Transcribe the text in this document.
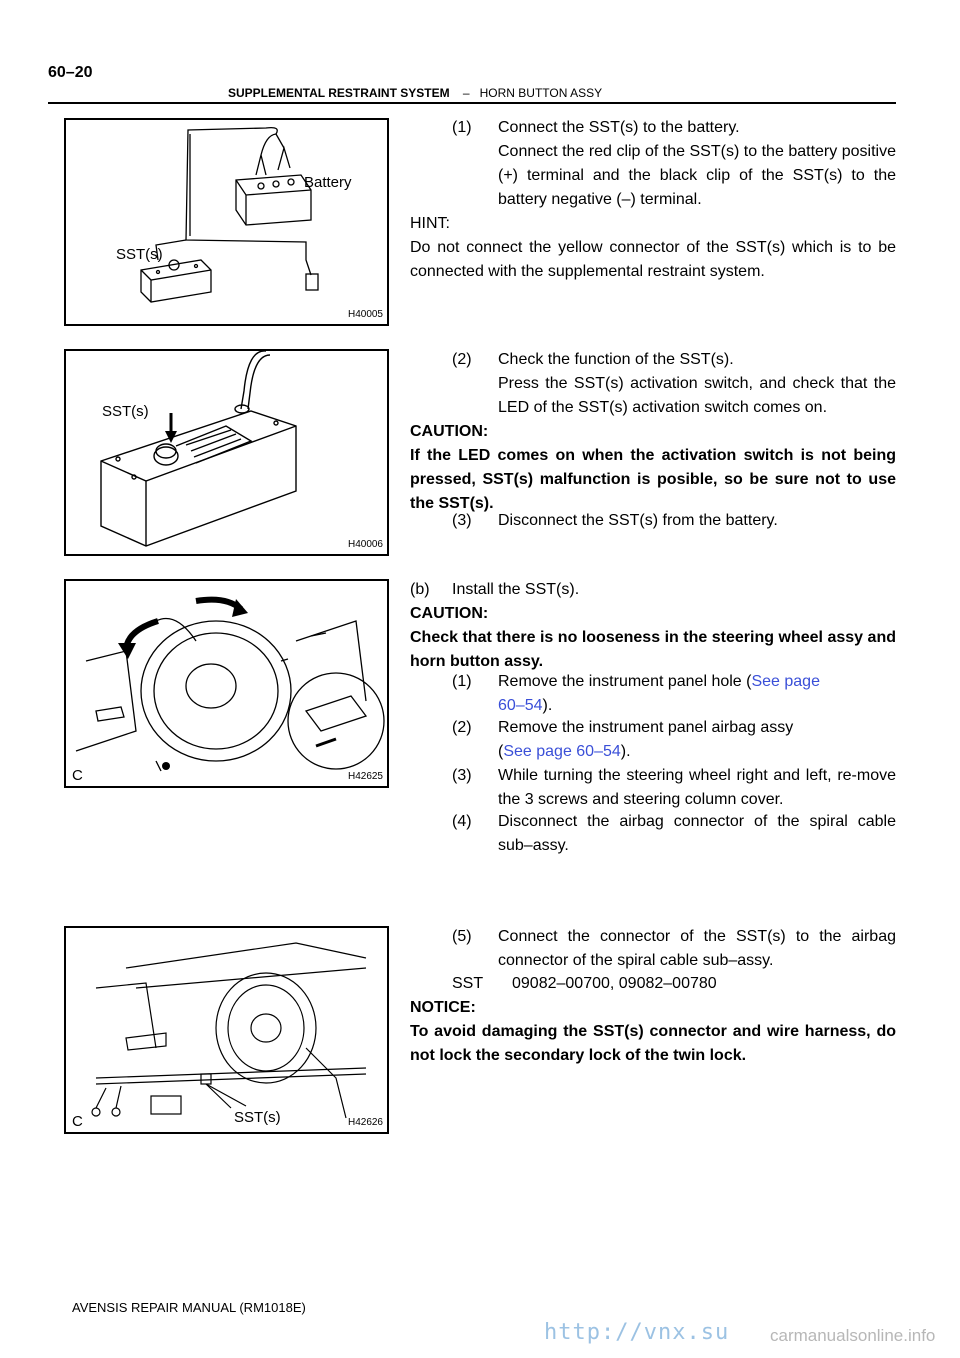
60–20
SUPPLEMENTAL RESTRAINT SYSTEM – HORN BUTTON ASSY
Battery
SST(s)
H40005
SST(s)
H40006
C	H42625
C	SST(s)	H42626
(1) Connect the SST(s) to the battery.
Connect the red clip of the SST(s) to the battery positive (+) terminal and the black clip of the SST(s) to the battery negative (–) terminal.
HINT:
Do not connect the yellow connector of the SST(s) which is to be connected with the supplemental restraint system.
(2) Check the function of the SST(s).
Press the SST(s) activation switch, and check that the LED of the SST(s) activation switch comes on.
CAUTION:
If the LED comes on when the activation switch is not being pressed, SST(s) malfunction is posible, so be sure not to use the SST(s).
(3) Disconnect the SST(s) from the battery.
(b) Install the SST(s).
CAUTION:
Check that there is no looseness in the steering wheel assy and horn button assy.
(1) Remove the instrument panel hole (See page
60–54).
(2) Remove the instrument panel airbag assy
(See page 60–54).
(3) While turning the steering wheel right and left, re-move the 3 screws and steering column cover.
(4) Disconnect the airbag connector of the spiral cable sub–assy.
(5) Connect the connector of the SST(s) to the airbag connector of the spiral cable sub–assy.
SST 09082–00700, 09082–00780
NOTICE:
To avoid damaging the SST(s) connector and wire harness, do not lock the secondary lock of the twin lock.
AVENSIS REPAIR MANUAL (RM1018E)
http://vnx.su carmanualsonline.info
